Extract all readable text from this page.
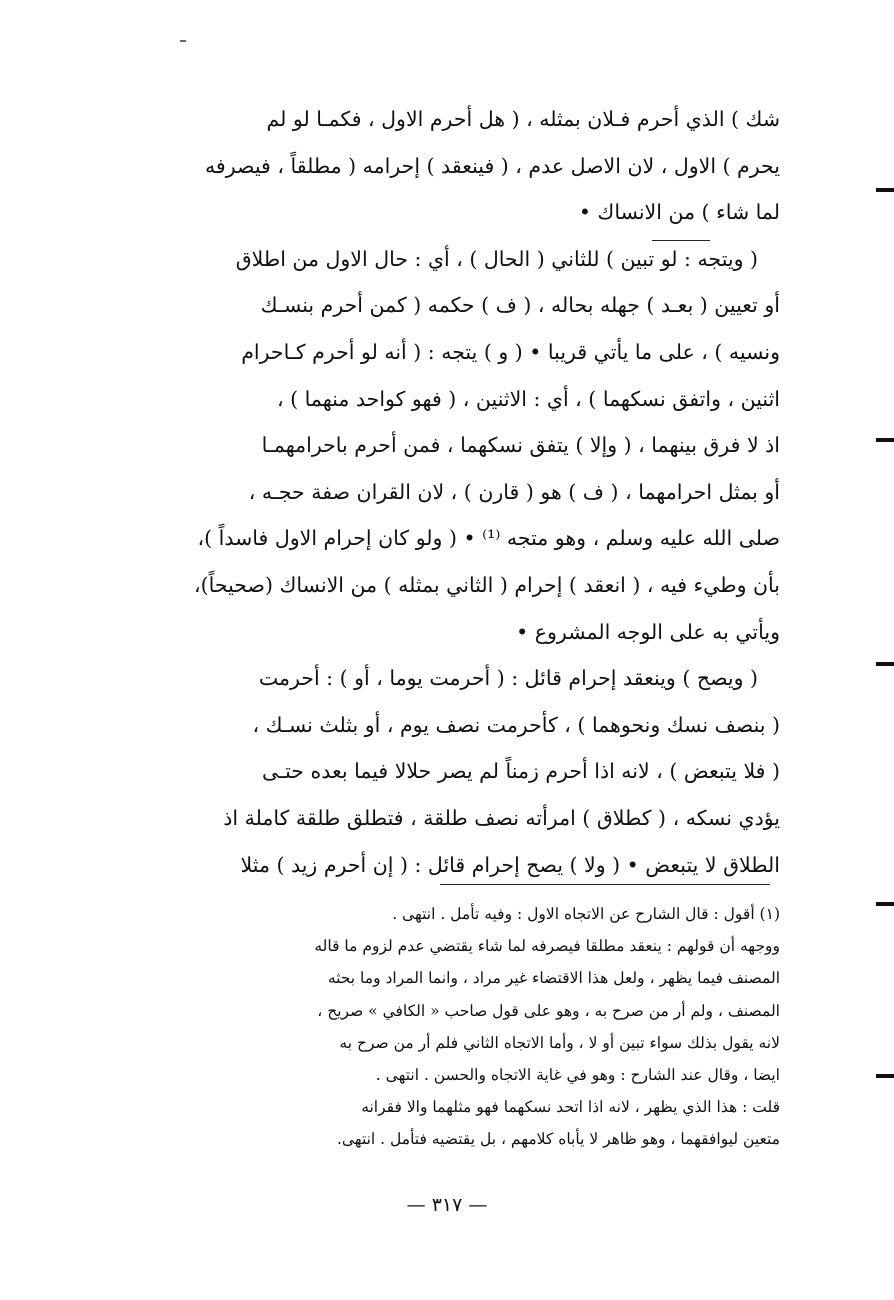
شك ) الذي أحرم فـلان بمثله ، ( هل أحرم الاول ، فكمـا لو لم
يحرم ) الاول ، لان الاصل عدم ، ( فينعقد ) إحرامه ( مطلقاً ، فيصرفه
لما شاء ) من الانساك •
( ويتجه : لو تبين ) للثاني ( الحال ) ، أي : حال الاول من اطلاق
أو تعيين ( بعـد ) جهله بحاله ، ( ف ) حكمه ( كمن أحرم بنسـك
ونسيه ) ، على ما يأتي قريبا • ( و ) يتجه : ( أنه لو أحرم كـاحرام
اثنين ، واتفق نسكهما ) ، أي : الاثنين ، ( فهو كواحد منهما ) ،
اذ لا فرق بينهما ، ( وإلا ) يتفق نسكهما ، فمن أحرم باحرامهمـا
أو بمثل احرامهما ، ( ف ) هو ( قارن ) ، لان القران صفة حجـه ،
صلى الله عليه وسلم ، وهو متجه ⁽¹⁾ • ( ولو كان إحرام الاول فاسداً )،
بأن وطيء فيه ، ( انعقد ) إحرام ( الثاني بمثله ) من الانساك (صحيحاً)،
ويأتي به على الوجه المشروع •
( ويصح ) وينعقد إحرام قائل : ( أحرمت يوما ، أو ) : أحرمت
( بنصف نسك ونحوهما ) ، كأحرمت نصف يوم ، أو بثلث نسـك ،
( فلا يتبعض ) ، لانه اذا أحرم زمناً لم يصر حلالا فيما بعده حتـى
يؤدي نسكه ، ( كطلاق ) امرأته نصف طلقة ، فتطلق طلقة كاملة اذ
الطلاق لا يتبعض • ( ولا ) يصح إحرام قائل : ( إن أحرم زيد ) مثلا
(١) أقول : قال الشارح عن الاتجاه الاول : وفيه تأمل . انتهى .
ووجهه أن قولهم : ينعقد مطلقا فيصرفه لما شاء يقتضي عدم لزوم ما قاله
المصنف فيما يظهر ، ولعل هذا الاقتضاء غير مراد ، وانما المراد وما بحثه
المصنف ، ولم أر من صرح به ، وهو على قول صاحب « الكافي » صريح ،
لانه يقول بذلك سواء تبين أو لا ، وأما الاتجاه الثاني فلم أر من صرح به
ايضا ، وقال عند الشارح : وهو في غاية الاتجاه والحسن . انتهى .
قلت : هذا الذي يظهر ، لانه اذا اتحد نسكهما فهو مثلهما والا فقرانه
متعين ليوافقهما ، وهو ظاهر لا يأباه كلامهم ، بل يقتضيه فتأمل . انتهى.
— ٣١٧ —
